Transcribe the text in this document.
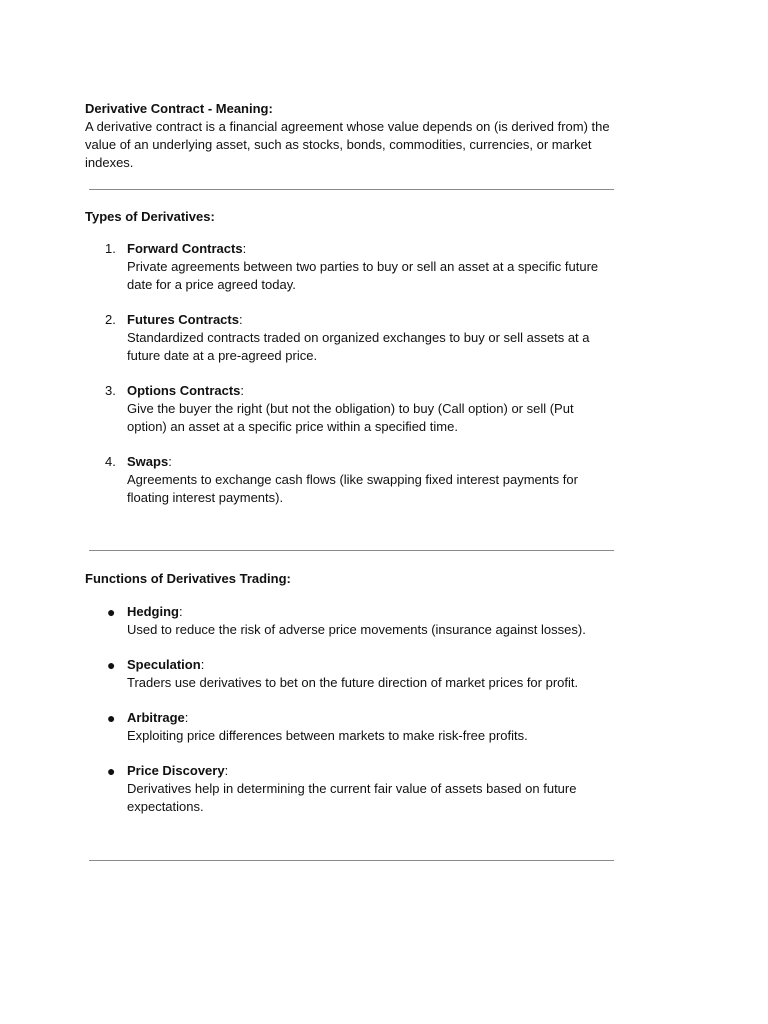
Derivative Contract - Meaning:

A derivative contract is a financial agreement whose value depends on (is derived from) the value of an underlying asset, such as stocks, bonds, commodities, currencies, or market indexes.

Types of Derivatives:

1. Forward Contracts:
Private agreements between two parties to buy or sell an asset at a specific future date for a price agreed today.
2. Futures Contracts:
Standardized contracts traded on organized exchanges to buy or sell assets at a future date at a pre-agreed price.
3. Options Contracts:
Give the buyer the right (but not the obligation) to buy (Call option) or sell (Put option) an asset at a specific price within a specified time.
4. Swaps:
Agreements to exchange cash flows (like swapping fixed interest payments for floating interest payments).

Functions of Derivatives Trading:

● Hedging:
Used to reduce the risk of adverse price movements (insurance against losses).
● Speculation:
Traders use derivatives to bet on the future direction of market prices for profit.
● Arbitrage:
Exploiting price differences between markets to make risk-free profits.
● Price Discovery:
Derivatives help in determining the current fair value of assets based on future expectations.
